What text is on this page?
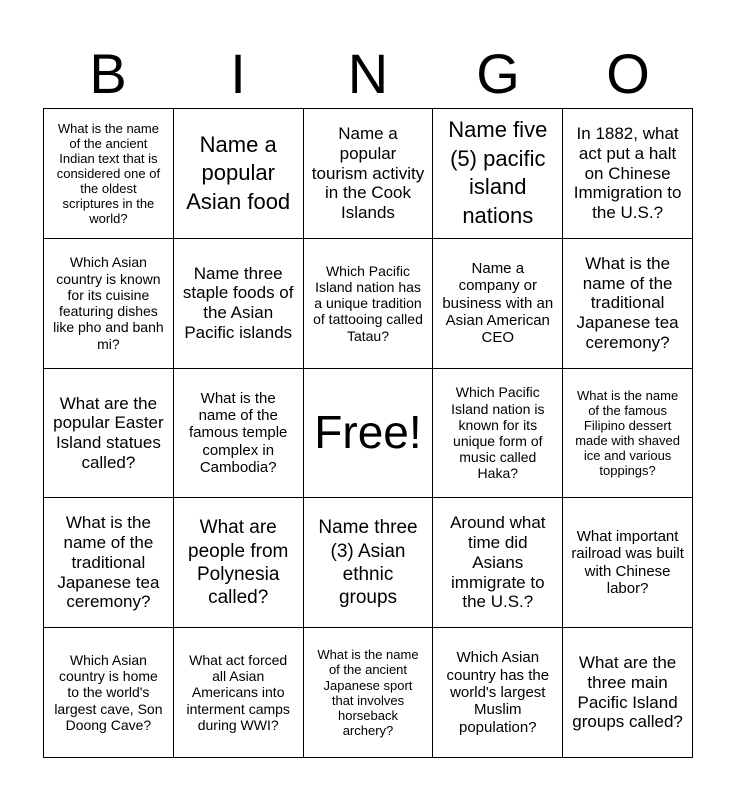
B	I	N	G	O
What is the name of the ancient Indian text that is considered one of the oldest scriptures in the world?
Name a popular Asian food
Name a popular tourism activity in the Cook Islands
Name five (5) pacific island nations
In 1882, what act put a halt on Chinese Immigration to the U.S.?
Which Asian country is known for its cuisine featuring dishes like pho and banh mi?
Name three staple foods of the Asian Pacific islands
Which Pacific Island nation has a unique tradition of tattooing called Tatau?
Name a company or business with an Asian American CEO
What is the name of the traditional Japanese tea ceremony?
What are the popular Easter Island statues called?
What is the name of the famous temple complex in Cambodia?
Free!
Which Pacific Island nation is known for its unique form of music called Haka?
What is the name of the famous Filipino dessert made with shaved ice and various toppings?
What is the name of the traditional Japanese tea ceremony?
What are people from Polynesia called?
Name three (3) Asian ethnic groups
Around what time did Asians immigrate to the U.S.?
What important railroad was built with Chinese labor?
Which Asian country is home to the world's largest cave, Son Doong Cave?
What act forced all Asian Americans into interment camps during WWI?
What is the name of the ancient Japanese sport that involves horseback archery?
Which Asian country has the world's largest Muslim population?
What are the three main Pacific Island groups called?
